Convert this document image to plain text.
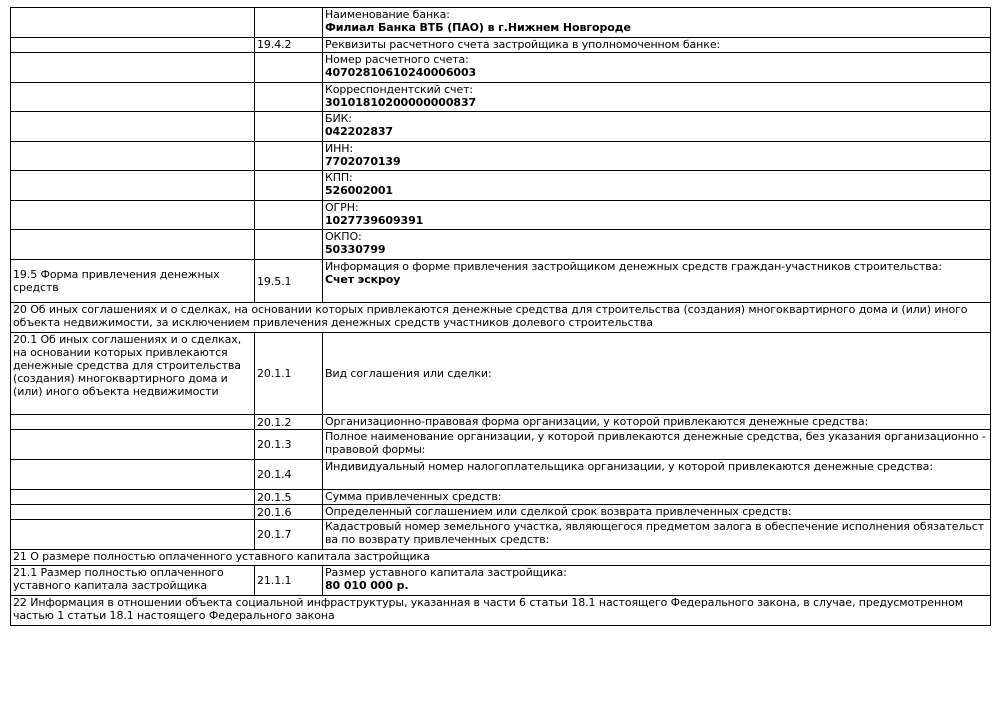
		Наименование банка:
Филиал Банка ВТБ (ПАО) в г.Нижнем Новгороде
	19.4.2	Реквизиты расчетного счета застройщика в уполномоченном банке:
		Номер расчетного счета:
40702810610240006003
		Корреспондентский счет:
30101810200000000837
		БИК:
042202837
		ИНН:
7702070139
		КПП:
526002001
		ОГРН:
1027739609391
		ОКПО:
50330799
19.5 Форма привлечения денежных средств	19.5.1	Информация о форме привлечения застройщиком денежных средств граждан-участников строительства:
Счет эскроу
20 Об иных соглашениях и о сделках, на основании которых привлекаются денежные средства для строительства (создания) многоквартирного дома и (или) иного объекта недвижимости, за исключением привлечения денежных средств участников долевого строительства		
20.1 Об иных соглашениях и о сделках, на основании которых привлекаются денежные средства для строительства (создания) многоквартирного дома и (или) иного объекта недвижимости	20.1.1	Вид соглашения или сделки:
	20.1.2	Организационно-правовая форма организации, у которой привлекаются денежные средства:
	20.1.3	Полное наименование организации, у которой привлекаются денежные средства, без указания организационно - правовой формы:
	20.1.4	Индивидуальный номер налогоплательщика организации, у которой привлекаются денежные средства:
	20.1.5	Сумма привлеченных средств:
	20.1.6	Определенный соглашением или сделкой срок возврата привлеченных средств:
	20.1.7	Кадастровый номер земельного участка, являющегося предметом залога в обеспечение исполнения обязательства по возврату привлеченных средств:
21 О размере полностью оплаченного уставного капитала застройщика		
21.1 Размер полностью оплаченного уставного капитала застройщика	21.1.1	Размер уставного капитала застройщика:
80 010 000 р.
22 Информация в отношении объекта социальной инфраструктуры, указанная в части 6 статьи 18.1 настоящего Федерального закона, в случае, предусмотренном частью 1 статьи 18.1 настоящего Федерального закона		
